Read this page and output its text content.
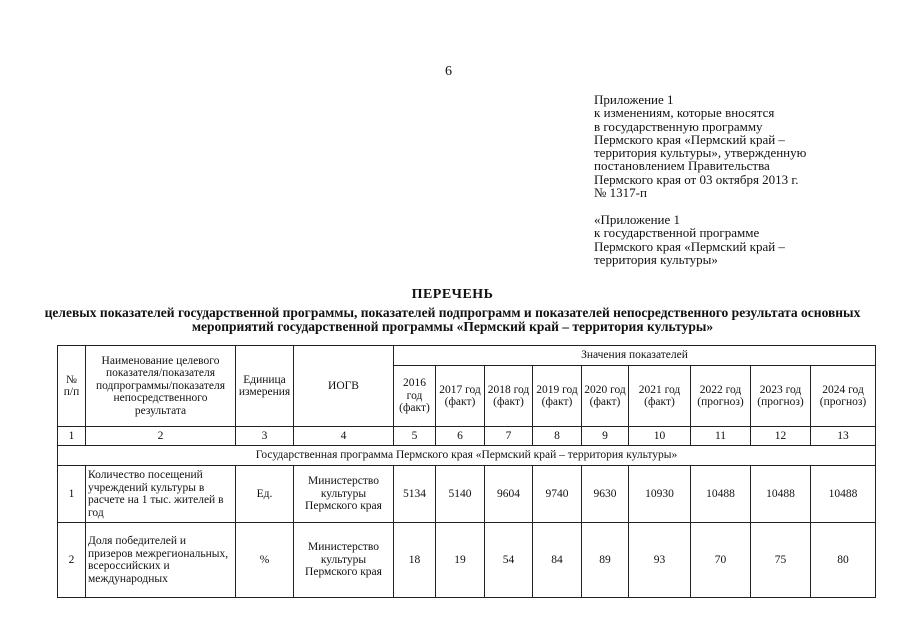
6
Приложение 1
к изменениям, которые вносятся
в государственную программу
Пермского края «Пермский край –
территория культуры», утвержденную
постановлением Правительства
Пермского края от 03 октября 2013 г.
№ 1317-п
«Приложение 1
к государственной программе
Пермского края «Пермский край –
территория культуры»
ПЕРЕЧЕНЬ
целевых показателей государственной программы, показателей подпрограмм и показателей непосредственного результата основных мероприятий государственной программы «Пермский край – территория культуры»
№ п/п	Наименование целевого показателя/показателя подпрограммы/показателя непосредственного результата	Единица измерения	ИОГВ	Значения показателей								
				2016 год (факт)	2017 год (факт)	2018 год (факт)	2019 год (факт)	2020 год (факт)	2021 год (факт)	2022 год (прогноз)	2023 год (прогноз)	2024 год (прогноз)
1	2	3	4	5	6	7	8	9	10	11	12	13
Государственная программа Пермского края «Пермский край – территория культуры»												
1	Количество посещений учреждений культуры в расчете на 1 тыс. жителей в год	Ед.	Министерство культуры Пермского края	5134	5140	9604	9740	9630	10930	10488	10488	10488
2	Доля победителей и призеров межрегиональных, всероссийских и международных	%	Министерство культуры Пермского края	18	19	54	84	89	93	70	75	80
